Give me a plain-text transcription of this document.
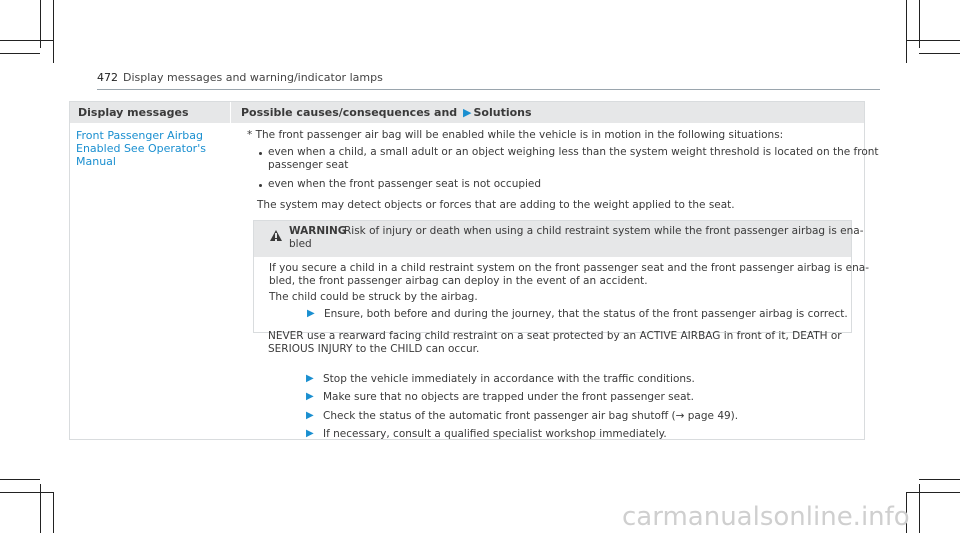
472 Display messages and warning/indicator lamps
Display messages	Possible causes/consequences and ▶ Solutions
Front Passenger Airbag Enabled See Operator's Manual
* The front passenger air bag will be enabled while the vehicle is in motion in the following situations:
even when a child, a small adult or an object weighing less than the system weight threshold is located on the front
passenger seat
even when the front passenger seat is not occupied
The system may detect objects or forces that are adding to the weight applied to the seat.
WARNING
Risk of injury or death when using a child restraint system while the front passenger airbag is ena-
bled
If you secure a child in a child restraint system on the front passenger seat and the front passenger airbag is ena-
bled, the front passenger airbag can deploy in the event of an accident.
The child could be struck by the airbag.
▶ Ensure, both before and during the journey, that the status of the front passenger airbag is correct.
NEVER use a rearward facing child restraint on a seat protected by an ACTIVE AIRBAG in front of it, DEATH or
SERIOUS INJURY to the CHILD can occur.
▶ Stop the vehicle immediately in accordance with the traffic conditions.
▶ Make sure that no objects are trapped under the front passenger seat.
▶ Check the status of the automatic front passenger air bag shutoff (→ page 49).
▶ If necessary, consult a qualified specialist workshop immediately.
carmanualsonline.info
